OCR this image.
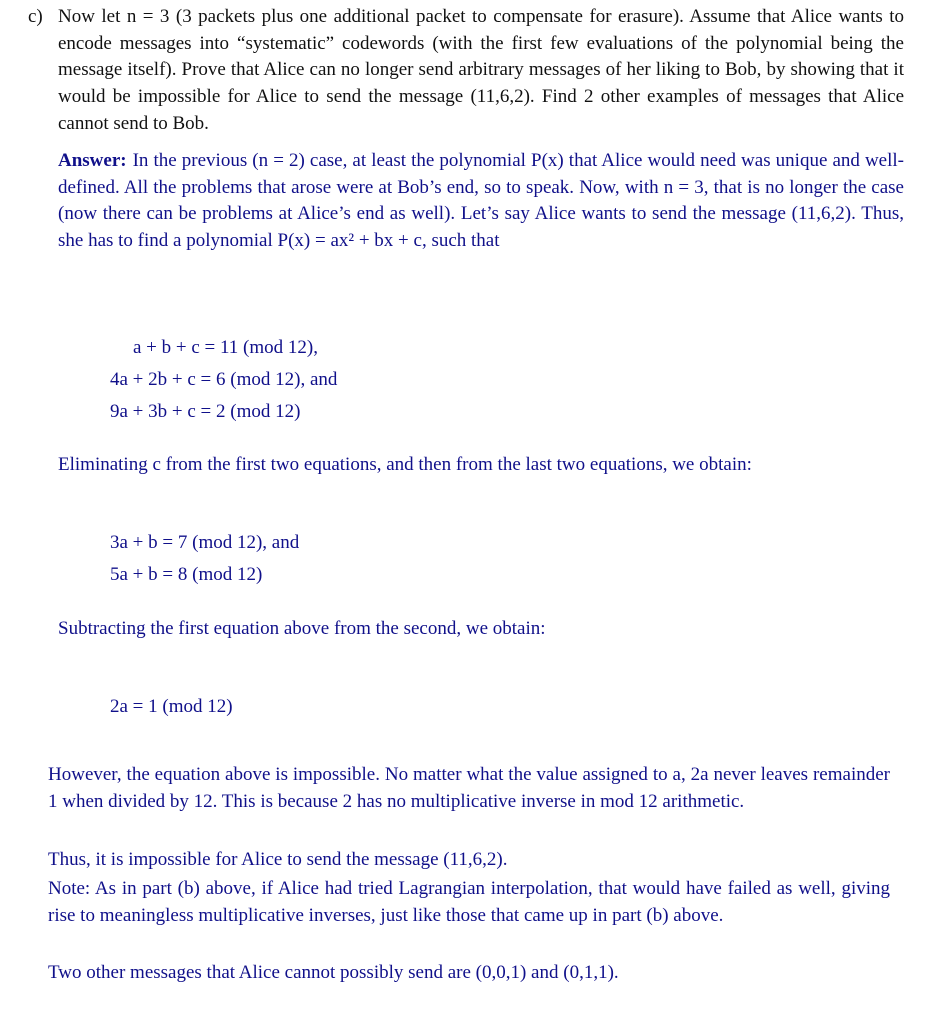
c) Now let n = 3 (3 packets plus one additional packet to compensate for erasure). Assume that Alice wants to encode messages into “systematic” codewords (with the first few evaluations of the polynomial being the message itself). Prove that Alice can no longer send arbitrary messages of her liking to Bob, by showing that it would be impossible for Alice to send the message (11,6,2). Find 2 other examples of messages that Alice cannot send to Bob.
Answer: In the previous (n = 2) case, at least the polynomial P(x) that Alice would need was unique and well-defined. All the problems that arose were at Bob’s end, so to speak. Now, with n = 3, that is no longer the case (now there can be problems at Alice’s end as well). Let’s say Alice wants to send the message (11,6,2). Thus, she has to find a polynomial P(x) = ax² + bx + c, such that
a + b + c = 11 (mod 12),
4a + 2b + c = 6 (mod 12), and
9a + 3b + c = 2 (mod 12)
Eliminating c from the first two equations, and then from the last two equations, we obtain:
3a + b = 7 (mod 12), and
5a + b = 8 (mod 12)
Subtracting the first equation above from the second, we obtain:
2a = 1 (mod 12)
However, the equation above is impossible. No matter what the value assigned to a, 2a never leaves remainder 1 when divided by 12. This is because 2 has no multiplicative inverse in mod 12 arithmetic.
Thus, it is impossible for Alice to send the message (11,6,2).
Note: As in part (b) above, if Alice had tried Lagrangian interpolation, that would have failed as well, giving rise to meaningless multiplicative inverses, just like those that came up in part (b) above.
Two other messages that Alice cannot possibly send are (0,0,1) and (0,1,1).
